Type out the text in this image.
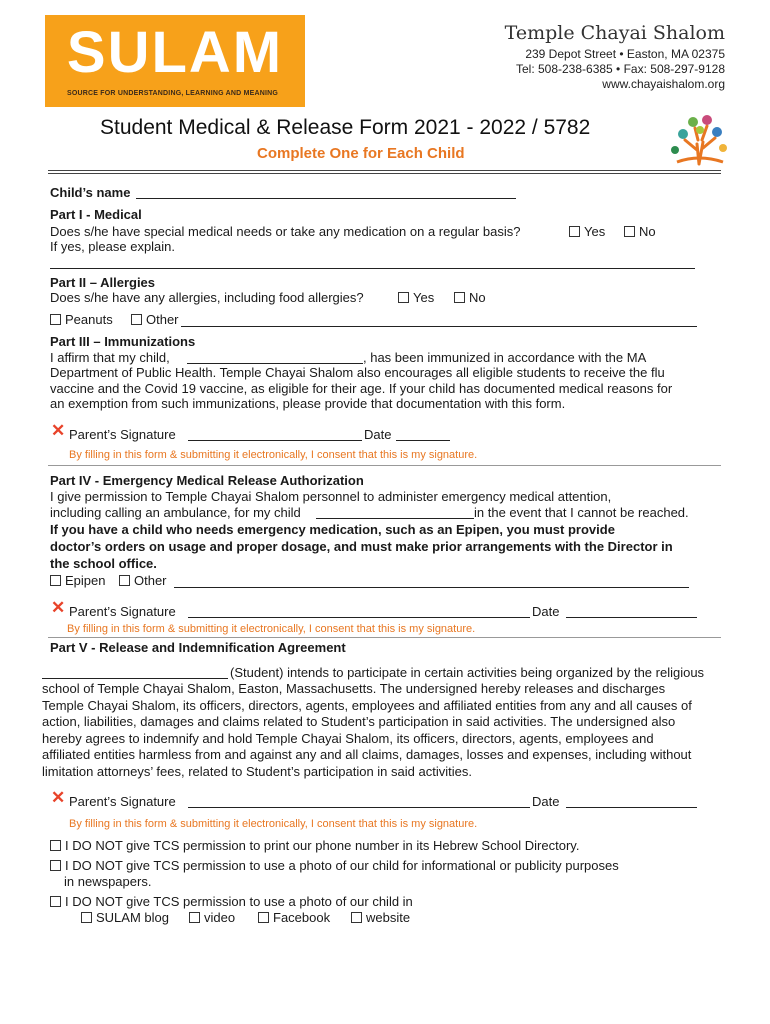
SULAM
SOURCE FOR UNDERSTANDING, LEARNING AND MEANING
Temple Chayai Shalom
239 Depot Street • Easton, MA 02375
Tel: 508-238-6385 • Fax: 508-297-9128
www.chayaishalom.org
Student Medical & Release Form 2021 - 2022 / 5782
Complete One for Each Child
Child’s name
Part I - Medical
Does s/he have special medical needs or take any medication on a regular basis?	Yes	No
If yes, please explain.
Part II – Allergies
Does s/he have any allergies, including food allergies?	Yes	No
Peanuts	Other
Part III – Immunizations
I affirm that my child,	, has been immunized in accordance with the MA
Department of Public Health. Temple Chayai Shalom also encourages all eligible students to receive the flu
vaccine and the Covid 19 vaccine, as eligible for their age. If your child has documented medical reasons for
an exemption from such immunizations, please provide that documentation with this form.
✕ Parent’s Signature	Date
By filling in this form & submitting it electronically, I consent that this is my signature.
Part IV - Emergency Medical Release Authorization
I give permission to Temple Chayai Shalom personnel to administer emergency medical attention,
including calling an ambulance, for my child	in the event that I cannot be reached.
If you have a child who needs emergency medication, such as an Epipen, you must provide
doctor’s orders on usage and proper dosage, and must make prior arrangements with the Director in
the school office.
Epipen	Other
✕ Parent’s Signature	Date
By filling in this form & submitting it electronically, I consent that this is my signature.
Part V - Release and Indemnification Agreement
(Student) intends to participate in certain activities being organized by the religious
school of Temple Chayai Shalom, Easton, Massachusetts. The undersigned hereby releases and discharges
Temple Chayai Shalom, its officers, directors, agents, employees and affiliated entities from any and all causes of
action, liabilities, damages and claims related to Student’s participation in said activities. The undersigned also
hereby agrees to indemnify and hold Temple Chayai Shalom, its officers, directors, agents, employees and
affiliated entities harmless from and against any and all claims, damages, losses and expenses, including without
limitation attorneys’ fees, related to Student’s participation in said activities.
✕ Parent’s Signature	Date
By filling in this form & submitting it electronically, I consent that this is my signature.
I DO NOT give TCS permission to print our phone number in its Hebrew School Directory.
I DO NOT give TCS permission to use a photo of our child for informational or publicity purposes
in newspapers.
I DO NOT give TCS permission to use a photo of our child in
SULAM blog	video	Facebook	website
